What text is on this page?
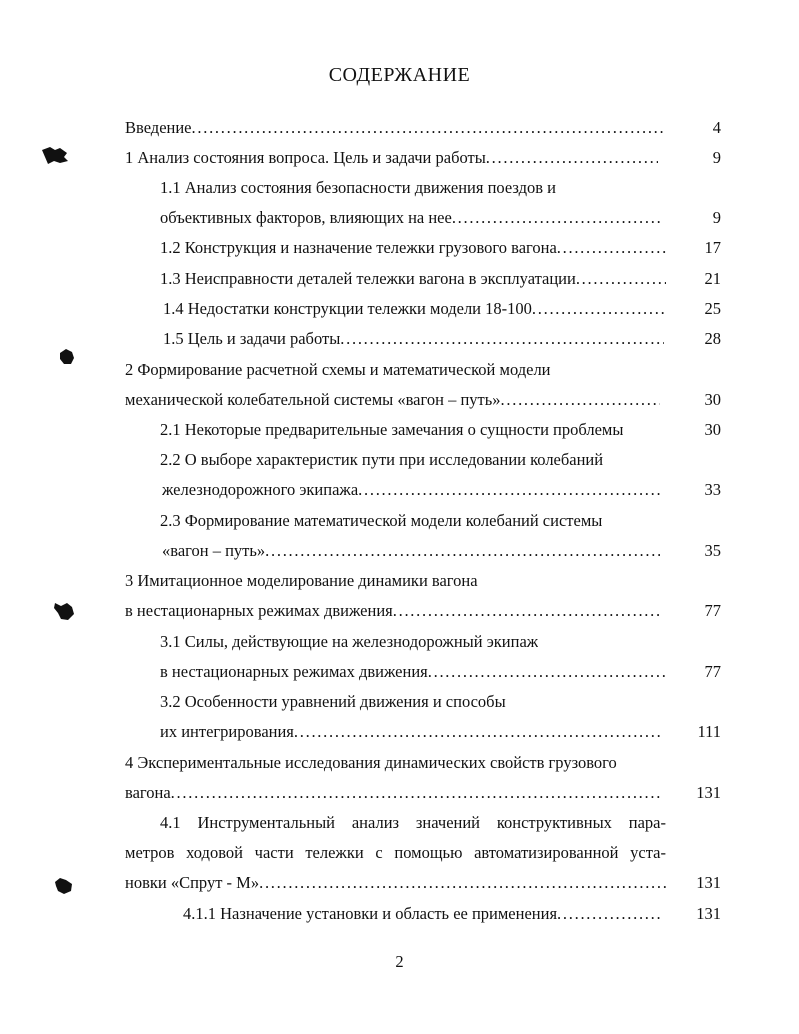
СОДЕРЖАНИЕ
Введение . . .	4
1 Анализ состояния вопроса. Цель и задачи работы . . .	9
1.1 Анализ состояния безопасности движения поездов и
объективных факторов, влияющих на нее . . .	9
1.2 Конструкция и назначение тележки грузового вагона . . .	17
1.3 Неисправности деталей тележки вагона в эксплуатации . . .	21
1.4 Недостатки конструкции тележки модели 18-100 . . .	25
1.5 Цель и задачи работы . . .	28
2 Формирование расчетной схемы и математической модели
механической колебательной системы «вагон – путь» . . .	30
2.1 Некоторые предварительные замечания о сущности проблемы	30
2.2 О выборе характеристик пути при исследовании колебаний
железнодорожного экипажа . . .	33
2.3 Формирование математической модели колебаний системы
«вагон – путь» . . .	35
3 Имитационное моделирование динамики вагона
в нестационарных режимах движения . . .	77
3.1 Силы, действующие на железнодорожный экипаж
в нестационарных режимах движения . . .	77
3.2 Особенности уравнений движения и способы
их интегрирования . . .	111
4 Экспериментальные исследования динамических свойств грузового
вагона . . .	131
4.1 Инструментальный анализ значений конструктивных пара-
метров ходовой части тележки с помощью автоматизированной уста-
новки «Спрут - М» . . .	131
4.1.1 Назначение установки и область ее применения . . .	131
2
